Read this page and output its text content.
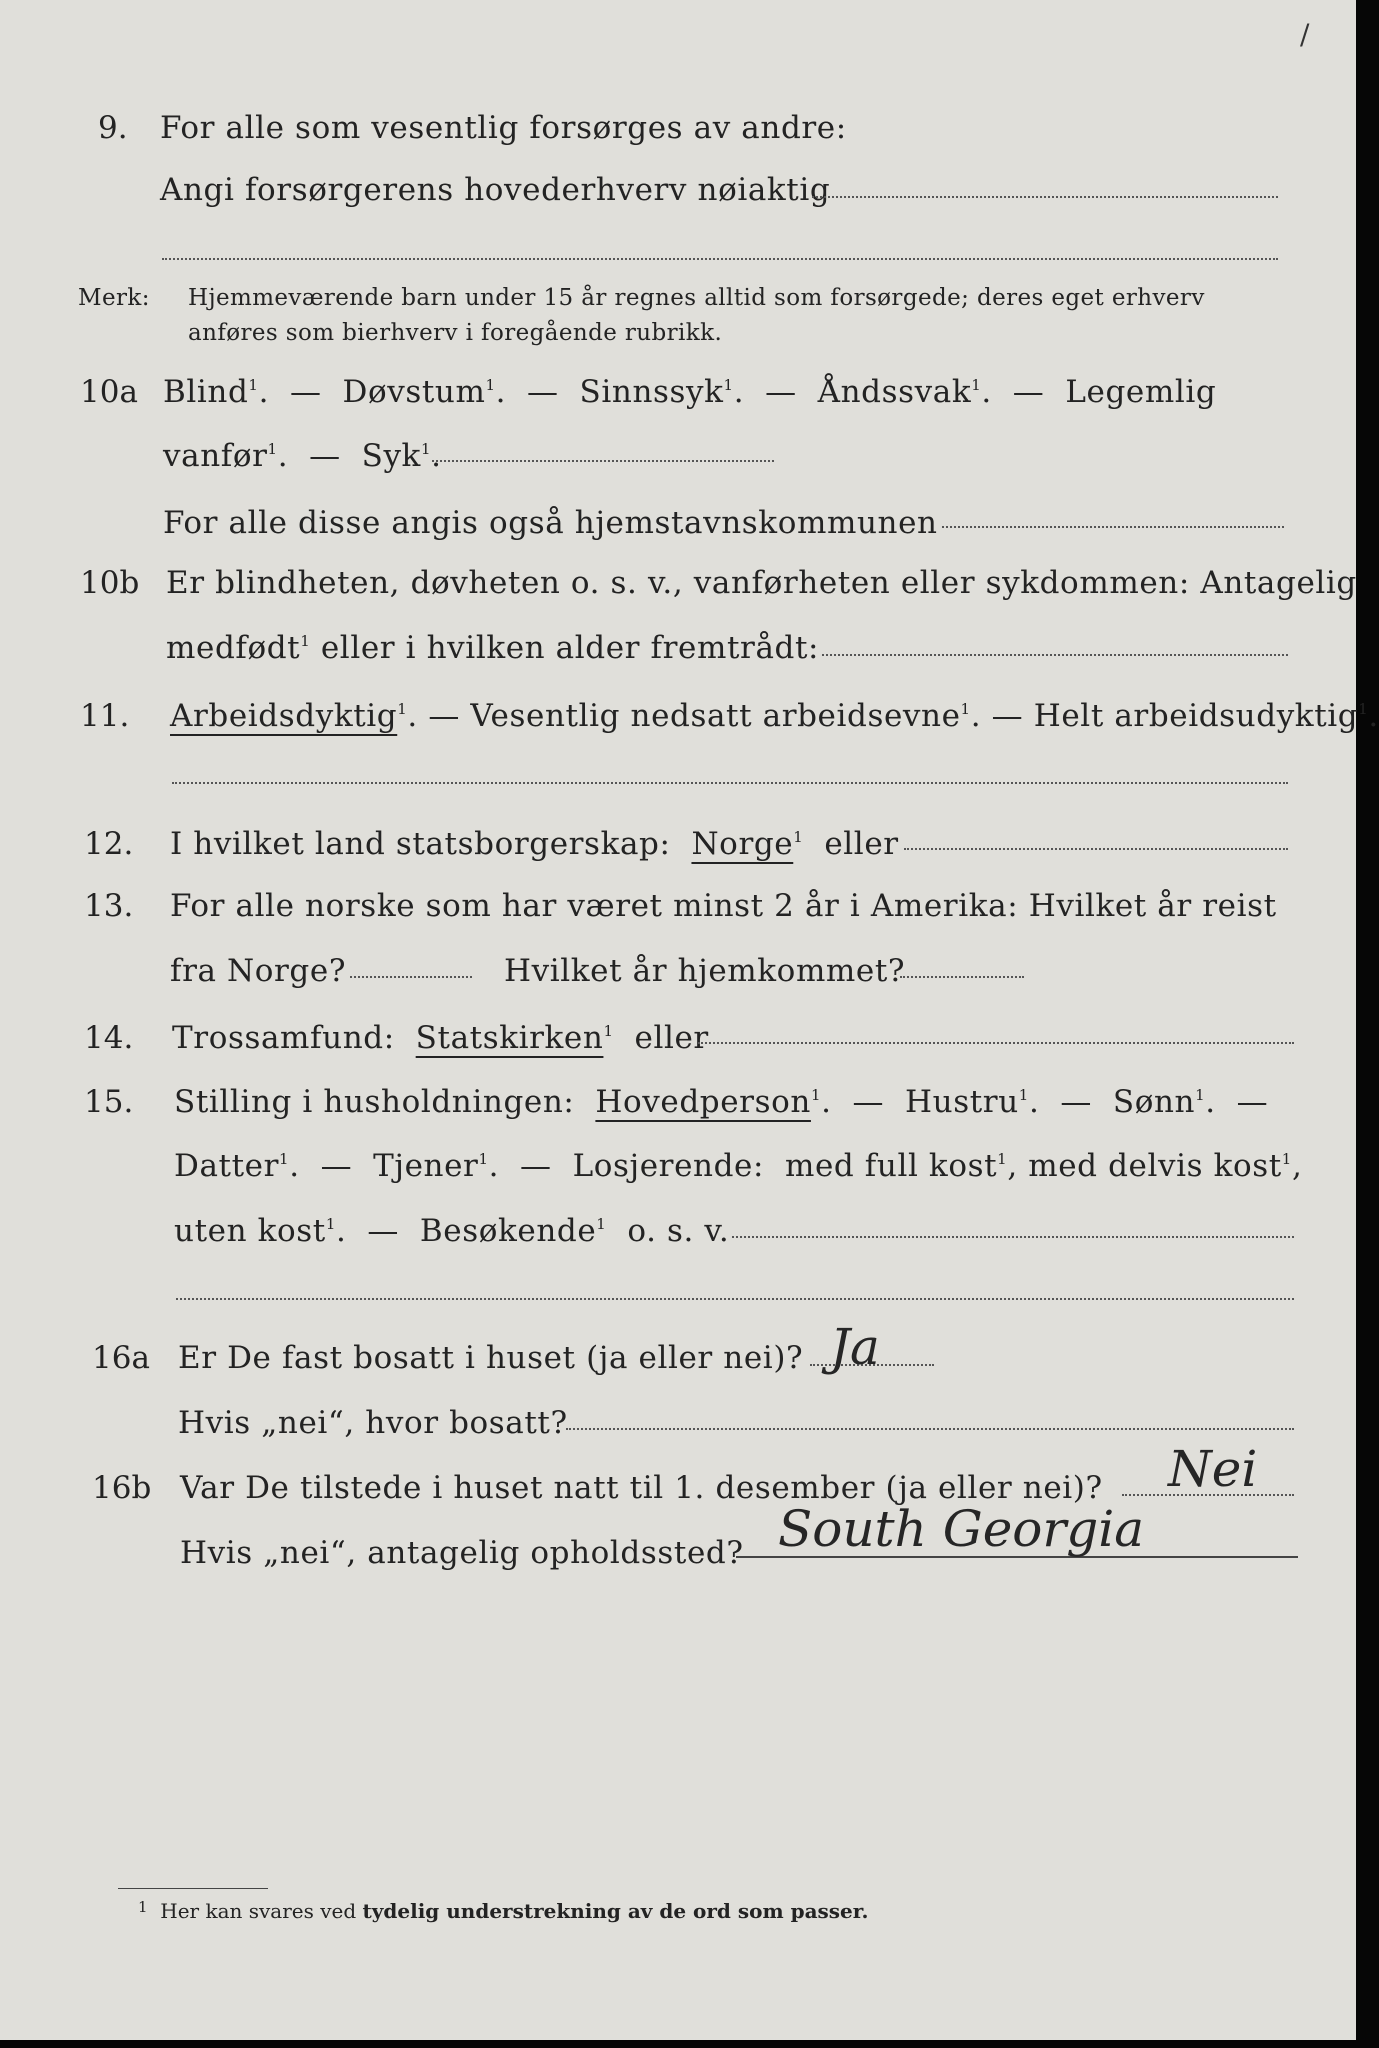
/
9. For alle som vesentlig forsørges av andre:
Angi forsørgerens hovederhverv nøiaktig
Merk: Hjemmeværende barn under 15 år regnes alltid som forsørgede; deres eget erhverv
anføres som bierhverv i foregående rubrikk.
10a Blind$^1$. — Døvstum$^1$. — Sinnssyk$^1$. — Åndssvak$^1$. — Legemlig
vanfør$^1$. — Syk$^1$.
For alle disse angis også hjemstavnskommunen
10b Er blindheten, døvheten o. s. v., vanførheten eller sykdommen: Antagelig
medfødt$^1$ eller i hvilken alder fremtrådt:
11. Arbeidsdyktig$^1$. — Vesentlig nedsatt arbeidsevne$^1$. — Helt arbeidsudyktig$^1$.
12. I hvilket land statsborgerskap: Norge$^1$ eller
13. For alle norske som har været minst 2 år i Amerika: Hvilket år reist
fra Norge?	Hvilket år hjemkommet?
14. Trossamfund: Statskirken$^1$ eller
15. Stilling i husholdningen: Hovedperson$^1$. — Hustru$^1$. — Sønn$^1$. —
Datter$^1$. — Tjener$^1$. — Losjerende: med full kost$^1$, med delvis kost$^1$,
uten kost$^1$. — Besøkende$^1$ o. s. v.
16a Er De fast bosatt i huset (ja eller nei)? Ja
Hvis „nei“, hvor bosatt?
16b Var De tilstede i huset natt til 1. desember (ja eller nei)? Nei
Hvis „nei“, antagelig opholdssted? South Georgia
$^1$ Her kan svares ved tydelig understrekning av de ord som passer.
